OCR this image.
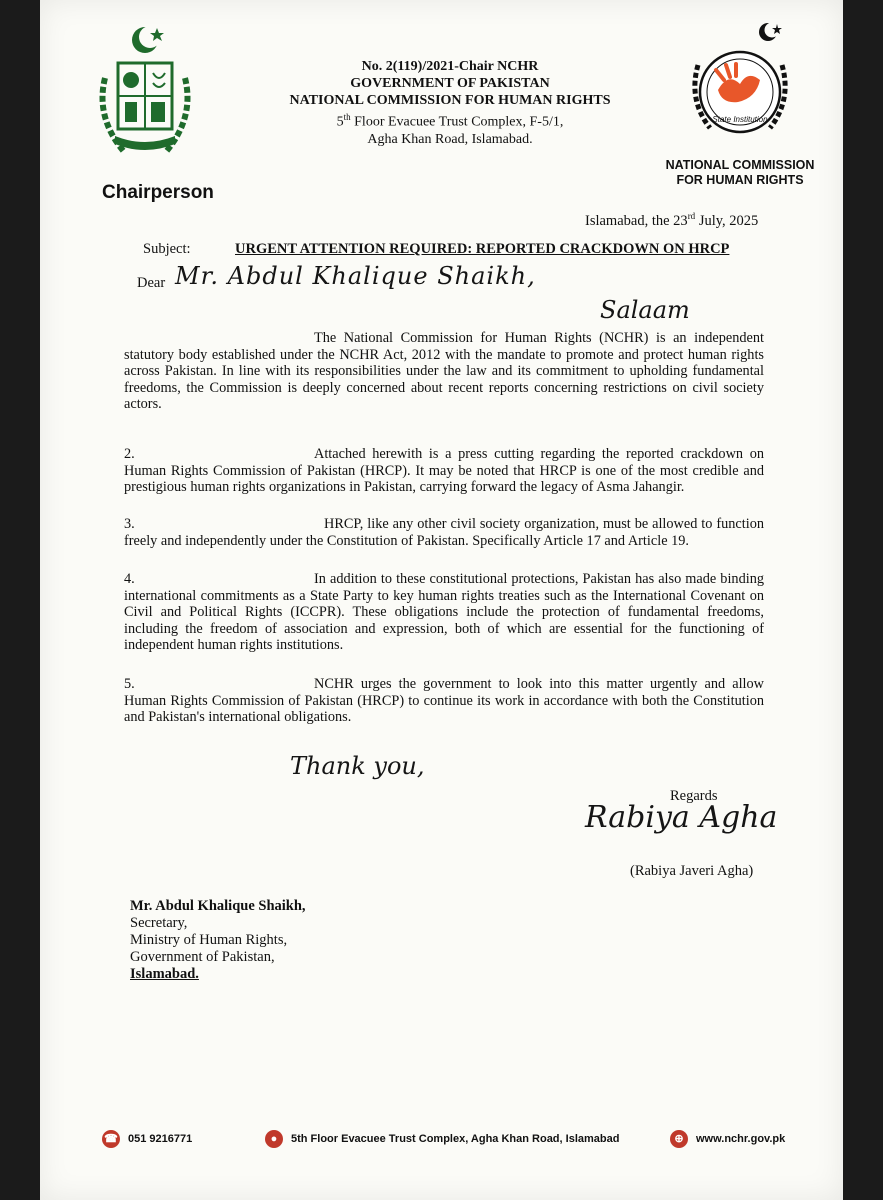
Chairperson
No. 2(119)/2021-Chair NCHR
GOVERNMENT OF PAKISTAN
NATIONAL COMMISSION FOR HUMAN RIGHTS
5th Floor Evacuee Trust Complex, F-5/1,
Agha Khan Road, Islamabad.
State Institution
NATIONAL COMMISSION
FOR HUMAN RIGHTS
Islamabad, the 23rd July, 2025
Subject:	URGENT ATTENTION REQUIRED: REPORTED CRACKDOWN ON HRCP
Dear Mr. Abdul Khalique Shaikh,
Salaam
The National Commission for Human Rights (NCHR) is an independent statutory body established under the NCHR Act, 2012 with the mandate to promote and protect human rights across Pakistan. In line with its responsibilities under the law and its commitment to upholding fundamental freedoms, the Commission is deeply concerned about recent reports concerning restrictions on civil society actors.
2.	Attached herewith is a press cutting regarding the reported crackdown on Human Rights Commission of Pakistan (HRCP). It may be noted that HRCP is one of the most credible and prestigious human rights organizations in Pakistan, carrying forward the legacy of Asma Jahangir.
3.	HRCP, like any other civil society organization, must be allowed to function freely and independently under the Constitution of Pakistan. Specifically Article 17 and Article 19.
4.	In addition to these constitutional protections, Pakistan has also made binding international commitments as a State Party to key human rights treaties such as the International Covenant on Civil and Political Rights (ICCPR). These obligations include the protection of fundamental freedoms, including the freedom of association and expression, both of which are essential for the functioning of independent human rights institutions.
5.	NCHR urges the government to look into this matter urgently and allow Human Rights Commission of Pakistan (HRCP) to continue its work in accordance with both the Constitution and Pakistan's international obligations.
Thank you,
Regards
Rabiya Agha
(Rabiya Javeri Agha)
Mr. Abdul Khalique Shaikh,
Secretary,
Ministry of Human Rights,
Government of Pakistan,
Islamabad.
☎ 051 9216771	● 5th Floor Evacuee Trust Complex, Agha Khan Road, Islamabad	⊕ www.nchr.gov.pk
